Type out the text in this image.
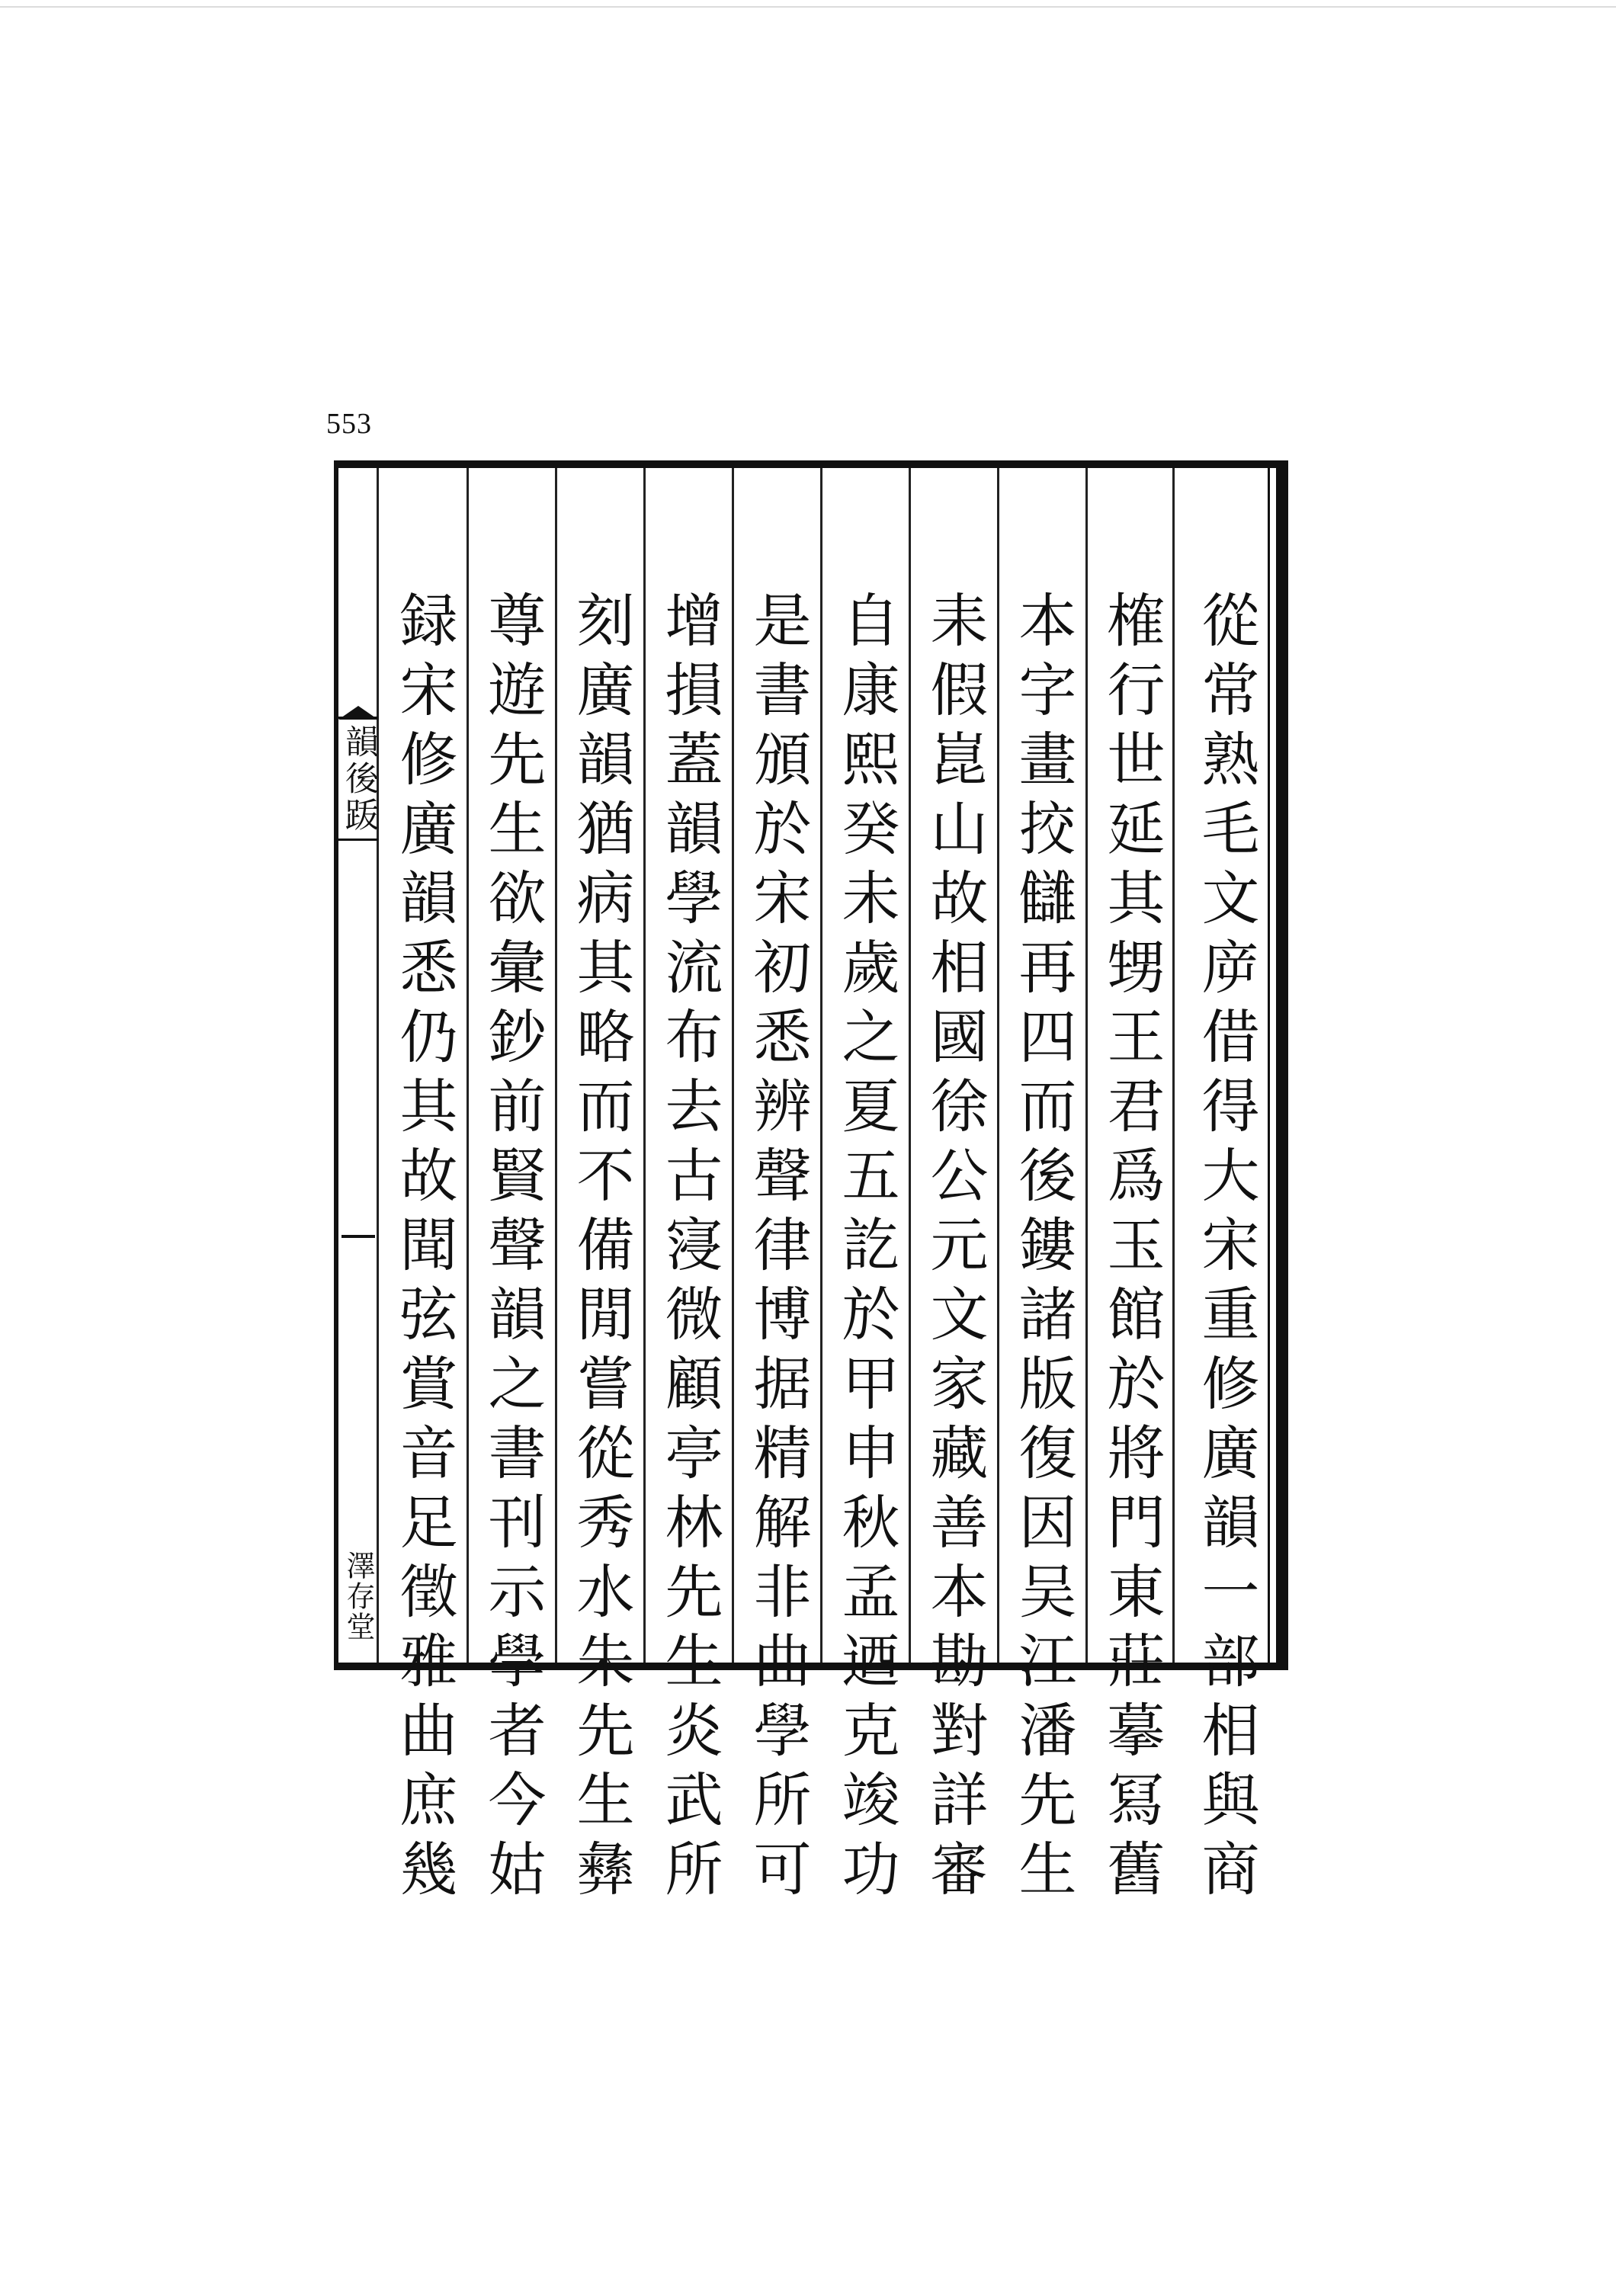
553
從常熟毛文㡿借得大宋重修廣韻一部相與商
榷行世延其甥王君爲玉館於將門東莊摹冩舊
本字畫挍讎再四而後鏤諸版復因吴江潘先生
耒假崑山故相國徐公元文家藏善本勘對詳審
自康熙癸未歲之夏五訖於甲申秋孟迺克竣功
是書頒於宋初悉辨聲律博据精解非曲學所可
增損蓋韻學流布去古寖微顧亭林先生炎武所
刻廣韻猶病其略而不備閒嘗從秀水朱先生彝
尊遊先生欲彙鈔前賢聲韻之書刊示學者今姑
録宋修廣韻悉仍其故聞弦賞音足徵雅曲庶幾
韻後䟦
澤存堂
